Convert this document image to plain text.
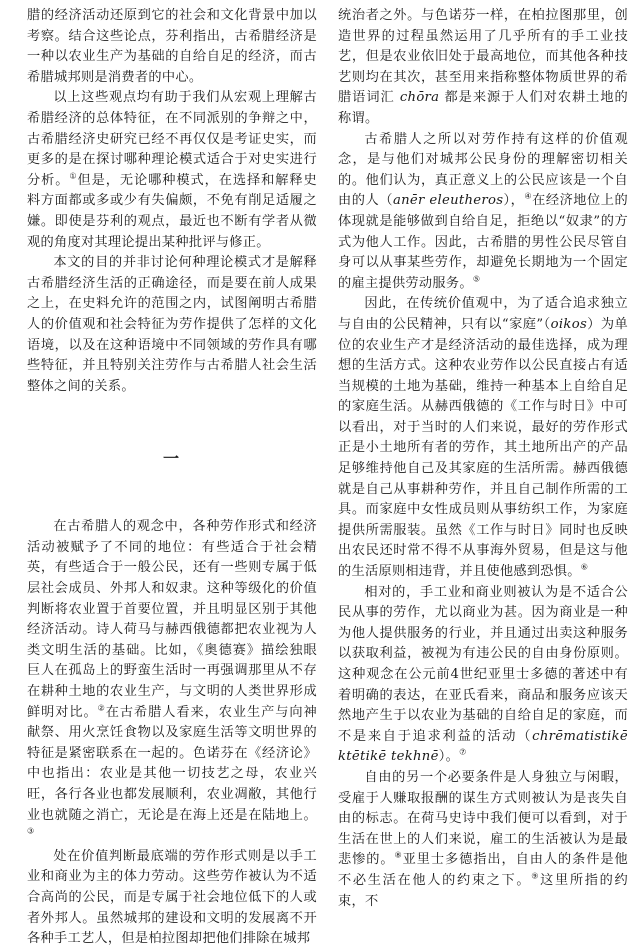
腊的经济活动还原到它的社会和文化背景中加以考察。结合这些论点，芬利指出，古希腊经济是一种以农业生产为基础的自给自足的经济，而古希腊城邦则是消费者的中心。

以上这些观点均有助于我们从宏观上理解古希腊经济的总体特征，在不同派别的争辩之中，古希腊经济史研究已经不再仅仅是考证史实，而更多的是在探讨哪种理论模式适合于对史实进行分析。①但是，无论哪种模式，在选择和解释史料方面都或多或少有失偏颇，不免有削足适履之嫌。即使是芬利的观点，最近也不断有学者从微观的角度对其理论提出某种批评与修正。

本文的目的并非讨论何种理论模式才是解释古希腊经济生活的正确途径，而是要在前人成果之上，在史料允许的范围之内，试图阐明古希腊人的价值观和社会特征为劳作提供了怎样的文化语境，以及在这种语境中不同领域的劳作具有哪些特征，并且特别关注劳作与古希腊人社会生活整体之间的关系。

一

在古希腊人的观念中，各种劳作形式和经济活动被赋予了不同的地位：有些适合于社会精英，有些适合于一般公民，还有一些则专属于低层社会成员、外邦人和奴隶。这种等级化的价值判断将农业置于首要位置，并且明显区别于其他经济活动。诗人荷马与赫西俄德都把农业视为人类文明生活的基础。比如，《奥德赛》描绘独眼巨人在孤岛上的野蛮生活时一再强调那里从不存在耕种土地的农业生产，与文明的人类世界形成鲜明对比。②在古希腊人看来，农业生产与向神献祭、用火烹饪食物以及家庭生活等文明世界的特征是紧密联系在一起的。色诺芬在《经济论》中也指出：农业是其他一切技艺之母，农业兴旺，各行各业也都发展顺利，农业凋敝，其他行业也就随之消亡，无论是在海上还是在陆地上。③

处在价值判断最底端的劳作形式则是以手工业和商业为主的体力劳动。这些劳作被认为不适合高尚的公民，而是专属于社会地位低下的人或者外邦人。虽然城邦的建设和文明的发展离不开各种手工艺人，但是柏拉图却把他们排除在城邦

统治者之外。与色诺芬一样，在柏拉图那里，创造世界的过程虽然运用了几乎所有的手工业技艺，但是农业依旧处于最高地位，而其他各种技艺则均在其次，甚至用来指称整体物质世界的希腊语词汇 chōra 都是来源于人们对农耕土地的称谓。

古希腊人之所以对劳作持有这样的价值观念，是与他们对城邦公民身份的理解密切相关的。他们认为，真正意义上的公民应该是一个自由的人（anēr eleutheros），④在经济地位上的体现就是能够做到自给自足，拒绝以“奴隶”的方式为他人工作。因此，古希腊的男性公民尽管自身可以从事某些劳作，却避免长期地为一个固定的雇主提供劳动服务。⑤

因此，在传统价值观中，为了适合追求独立与自由的公民精神，只有以“家庭”（oikos）为单位的农业生产才是经济活动的最佳选择，成为理想的生活方式。这种农业劳作以公民直接占有适当规模的土地为基础，维持一种基本上自给自足的家庭生活。从赫西俄德的《工作与时日》中可以看出，对于当时的人们来说，最好的劳作形式正是小土地所有者的劳作，其土地所出产的产品足够维持他自己及其家庭的生活所需。赫西俄德就是自己从事耕种劳作，并且自己制作所需的工具。而家庭中女性成员则从事纺织工作，为家庭提供所需服装。虽然《工作与时日》同时也反映出农民还时常不得不从事海外贸易，但是这与他的生活原则相违背，并且使他感到恐惧。⑥

相对的，手工业和商业则被认为是不适合公民从事的劳作，尤以商业为甚。因为商业是一种为他人提供服务的行业，并且通过出卖这种服务以获取利益，被视为有违公民的自由身份原则。这种观念在公元前4世纪亚里士多德的著述中有着明确的表达，在亚氏看来，商品和服务应该天然地产生于以农业为基础的自给自足的家庭，而不是来自于追求利益的活动（chrēmatistikē ktētikē tekhnē）。⑦

自由的另一个必要条件是人身独立与闲暇，受雇于人赚取报酬的谋生方式则被认为是丧失自由的标志。在荷马史诗中我们便可以看到，对于生活在世上的人们来说，雇工的生活被认为是最悲惨的。⑧亚里士多德指出，自由人的条件是他不必生活在他人的约束之下。⑨这里所指的约束，不
